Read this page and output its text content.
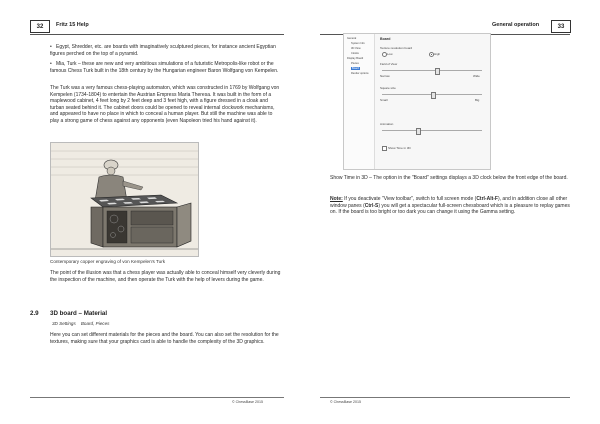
32	Fritz 15 Help

• Egypt, Shredder, etc. are boards with imaginatively sculptured pieces, for instance ancient Egyptian figures perched on the top of a pyramid.

• Mia, Turk – these are new and very ambitious simulations of a futuristic Metropolis-like robot or the famous Chess Turk built in the 18th century by the Hungarian engineer Baron Wolfgang von Kempelen.

The Turk was a very famous chess-playing automaton, which was constructed in 1769 by Wolfgang von Kempelen (1734-1804) to entertain the Austrian Empress Maria Theresa. It was built in the form of a maplewood cabinet, 4 feet long by 2 feet deep and 3 feet high, with a figure dressed in a cloak and turban seated behind it. The cabinet doors could be opened to reveal internal clockwork mechanisms, and appeared to have no place in which to conceal a human player. But still the machine was able to play a strong game of chess against any opponents (even Napoleon tried his hand against it).
Contemporary copper engraving of von Kempelen's Turk
The point of the illusion was that a chess player was actually able to conceal himself very cleverly during the inspection of the machine, and then operate the Turk with the help of levers during the game.
2.9 3D board – Material
3D Settings    Board, Pieces
Here you can set different materials for the pieces and the board. You can also set the resolution for the textures, making sure that your graphics card is able to handle the complexity of the 3D graphics.
© ChessBase 2015
General operation	33
© ChessBase 2015
General
System Info
3D View
Clocks
Display Board
Pieces
Board
Render options
Board
Texture resolution board
Low	High
Field of View
Narrow	Wide
Square size
Small	Big
Animation
Show Time in 3D
Show Time in 3D – The option in the "Board" settings displays a 3D clock below the front edge of the board.

Note: If you deactivate "View toolbar", switch to full screen mode (Ctrl-Alt-F), and in addition close all other window panes (Ctrl-S) you will get a spectacular full-screen chessboard which is a pleasure to replay games on. If the board is too bright or too dark you can change it using the Gamma setting.
